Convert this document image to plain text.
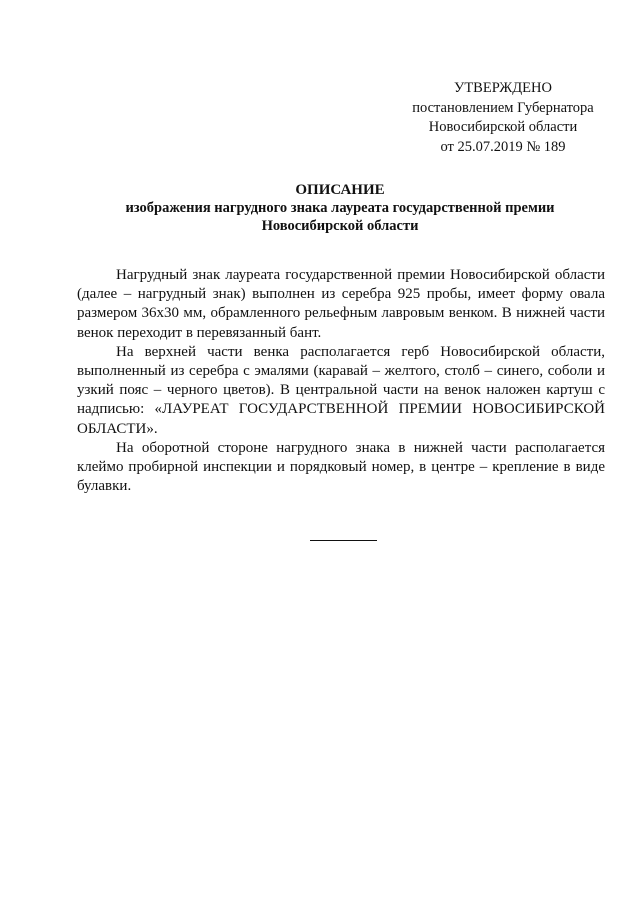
УТВЕРЖДЕНО
постановлением Губернатора
Новосибирской области
от 25.07.2019 № 189
ОПИСАНИЕ
изображения нагрудного знака лауреата государственной премии
Новосибирской области

Нагрудный знак лауреата государственной премии Новосибирской области (далее – нагрудный знак) выполнен из серебра 925 пробы, имеет форму овала размером 36х30 мм, обрамленного рельефным лавровым венком. В нижней части венок переходит в перевязанный бант.

На верхней части венка располагается герб Новосибирской области, выполненный из серебра с эмалями (каравай – желтого, столб – синего, соболи и узкий пояс – черного цветов). В центральной части на венок наложен картуш с надписью: «ЛАУРЕАТ ГОСУДАРСТВЕННОЙ ПРЕМИИ НОВОСИБИРСКОЙ ОБЛАСТИ».

На оборотной стороне нагрудного знака в нижней части располагается клеймо пробирной инспекции и порядковый номер, в центре – крепление в виде булавки.
